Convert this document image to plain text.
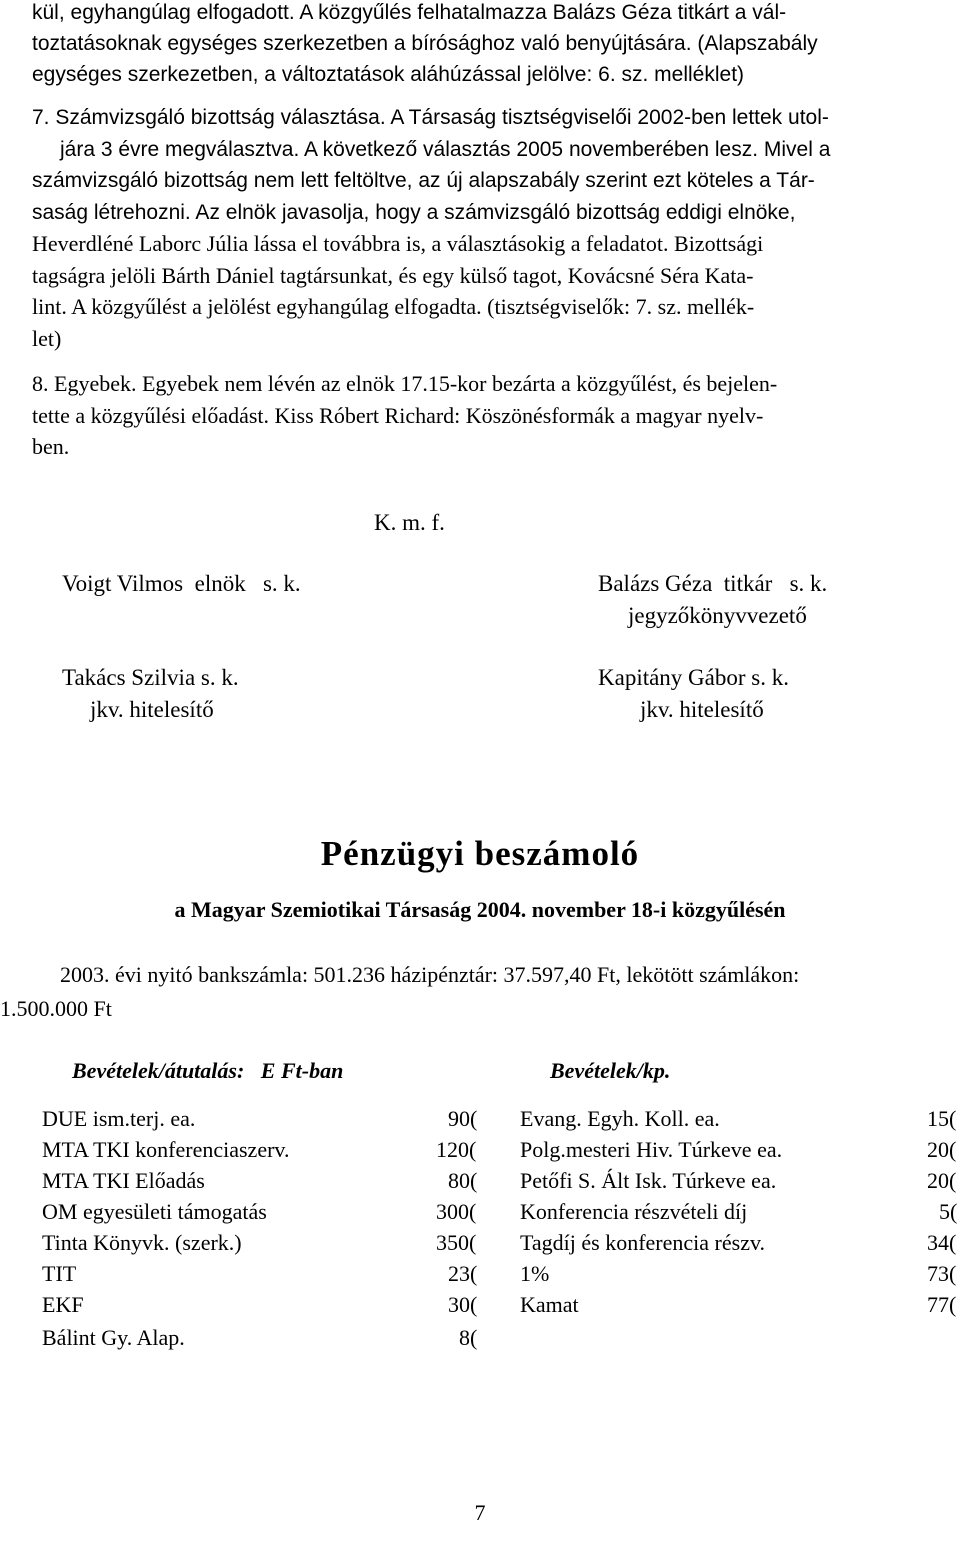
kül, egyhangúlag elfogadott. A közgyűlés felhatalmazza Balázs Géza titkárt a vál-
toztatásoknak egységes szerkezetben a bírósághoz való benyújtására. (Alapszabály
egységes szerkezetben, a változtatások aláhúzással jelölve: 6. sz. melléklet)
7. Számvizsgáló bizottság választása. A Társaság tisztségviselői 2002-ben lettek utol-
jára 3 évre megválasztva. A következő választás 2005 novemberében lesz. Mivel a
számvizsgáló bizottság nem lett feltöltve, az új alapszabály szerint ezt köteles a Tár-
saság létrehozni. Az elnök javasolja, hogy a számvizsgáló bizottság eddigi elnöke,
Heverdléné Laborc Júlia lássa el továbbra is, a választásokig a feladatot. Bizottsági
tagságra jelöli Bárth Dániel tagtársunkat, és egy külső tagot, Kovácsné Séra Kata-
lint. A közgyűlést a jelölést egyhangúlag elfogadta. (tisztségviselők: 7. sz. mellék-
let)
8. Egyebek. Egyebek nem lévén az elnök 17.15-kor bezárta a közgyűlést, és bejelen-
tette a közgyűlési előadást. Kiss Róbert Richard: Köszönésformák a magyar nyelv-
ben.
K. m. f.
Voigt Vilmos  elnök   s. k.	Balázs Géza  titkár   s. k.
jegyzőkönyvvezető
Takács Szilvia s. k.
jkv. hitelesítő
Kapitány Gábor s. k.
jkv. hitelesítő
Pénzügyi beszámoló
a Magyar Szemiotikai Társaság 2004. november 18-i közgyűlésén
2003. évi nyitó bankszámla: 501.236 házipénztár: 37.597,40 Ft, lekötött számlákon:
1.500.000 Ft
Bevételek/átutalás:   E Ft-ban	Bevételek/kp.
DUE ism.terj. ea.	90(
MTA TKI konferenciaszerv.	120(
MTA TKI Előadás	80(
OM egyesületi támogatás	300(
Tinta Könyvk. (szerk.)	350(
TIT	23(
EKF	30(
Bálint Gy. Alap.	8(
Evang. Egyh. Koll. ea.	15(
Polg.mesteri Hiv. Túrkeve ea.	20(
Petőfi S. Ált Isk. Túrkeve ea.	20(
Konferencia részvételi díj	5(
Tagdíj és konferencia részv.	34(
1%	73(
Kamat	77(
7
